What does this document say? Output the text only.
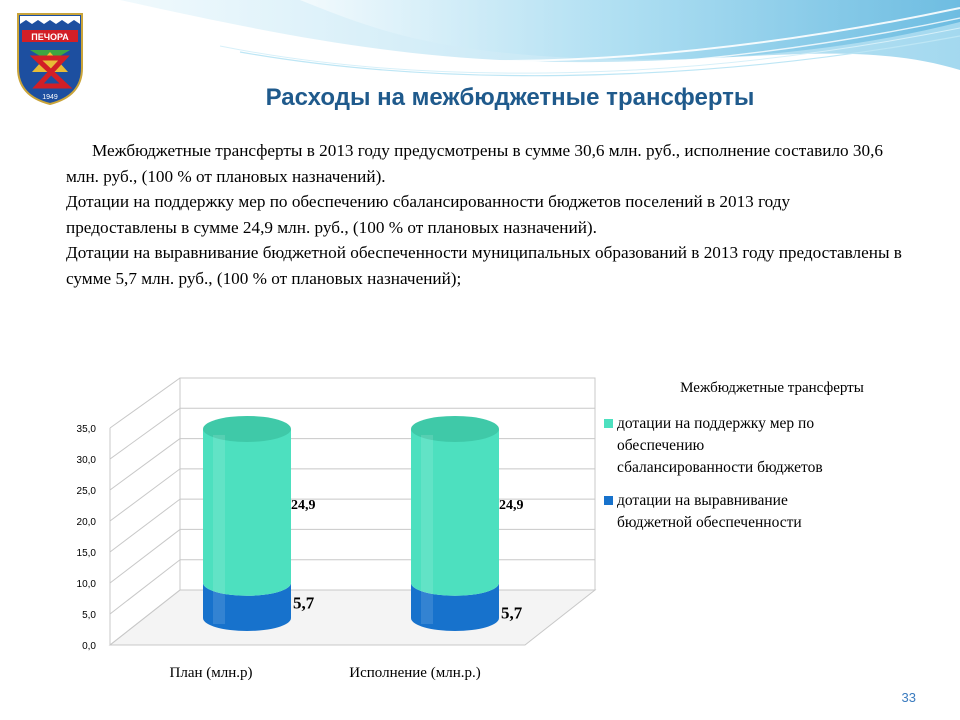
ПЕЧОРА
1949	Расходы на межбюджетные трансферты

Межбюджетные трансферты в 2013 году предусмотрены в сумме 30,6 млн. руб., исполнение составило 30,6 млн. руб., (100 % от плановых назначений).

Дотации на поддержку мер по обеспечению сбалансированности бюджетов поселений в 2013 году предоставлены в сумме 24,9 млн. руб., (100 % от плановых назначений).

Дотации на выравнивание бюджетной обеспеченности муниципальных образований в 2013 году предоставлены в сумме 5,7 млн. руб., (100 % от плановых назначений);

0,0
5,0
10,0
15,0
20,0
25,0
30,0
35,0
5,7
24,9
5,7
24,9
План (млн.р)	Исполнение (млн.р.)
Межбюджетные трансферты
дотации на поддержку мер по
обеспечению
сбалансированности бюджетов
дотации на выравнивание
бюджетной обеспеченности
33
